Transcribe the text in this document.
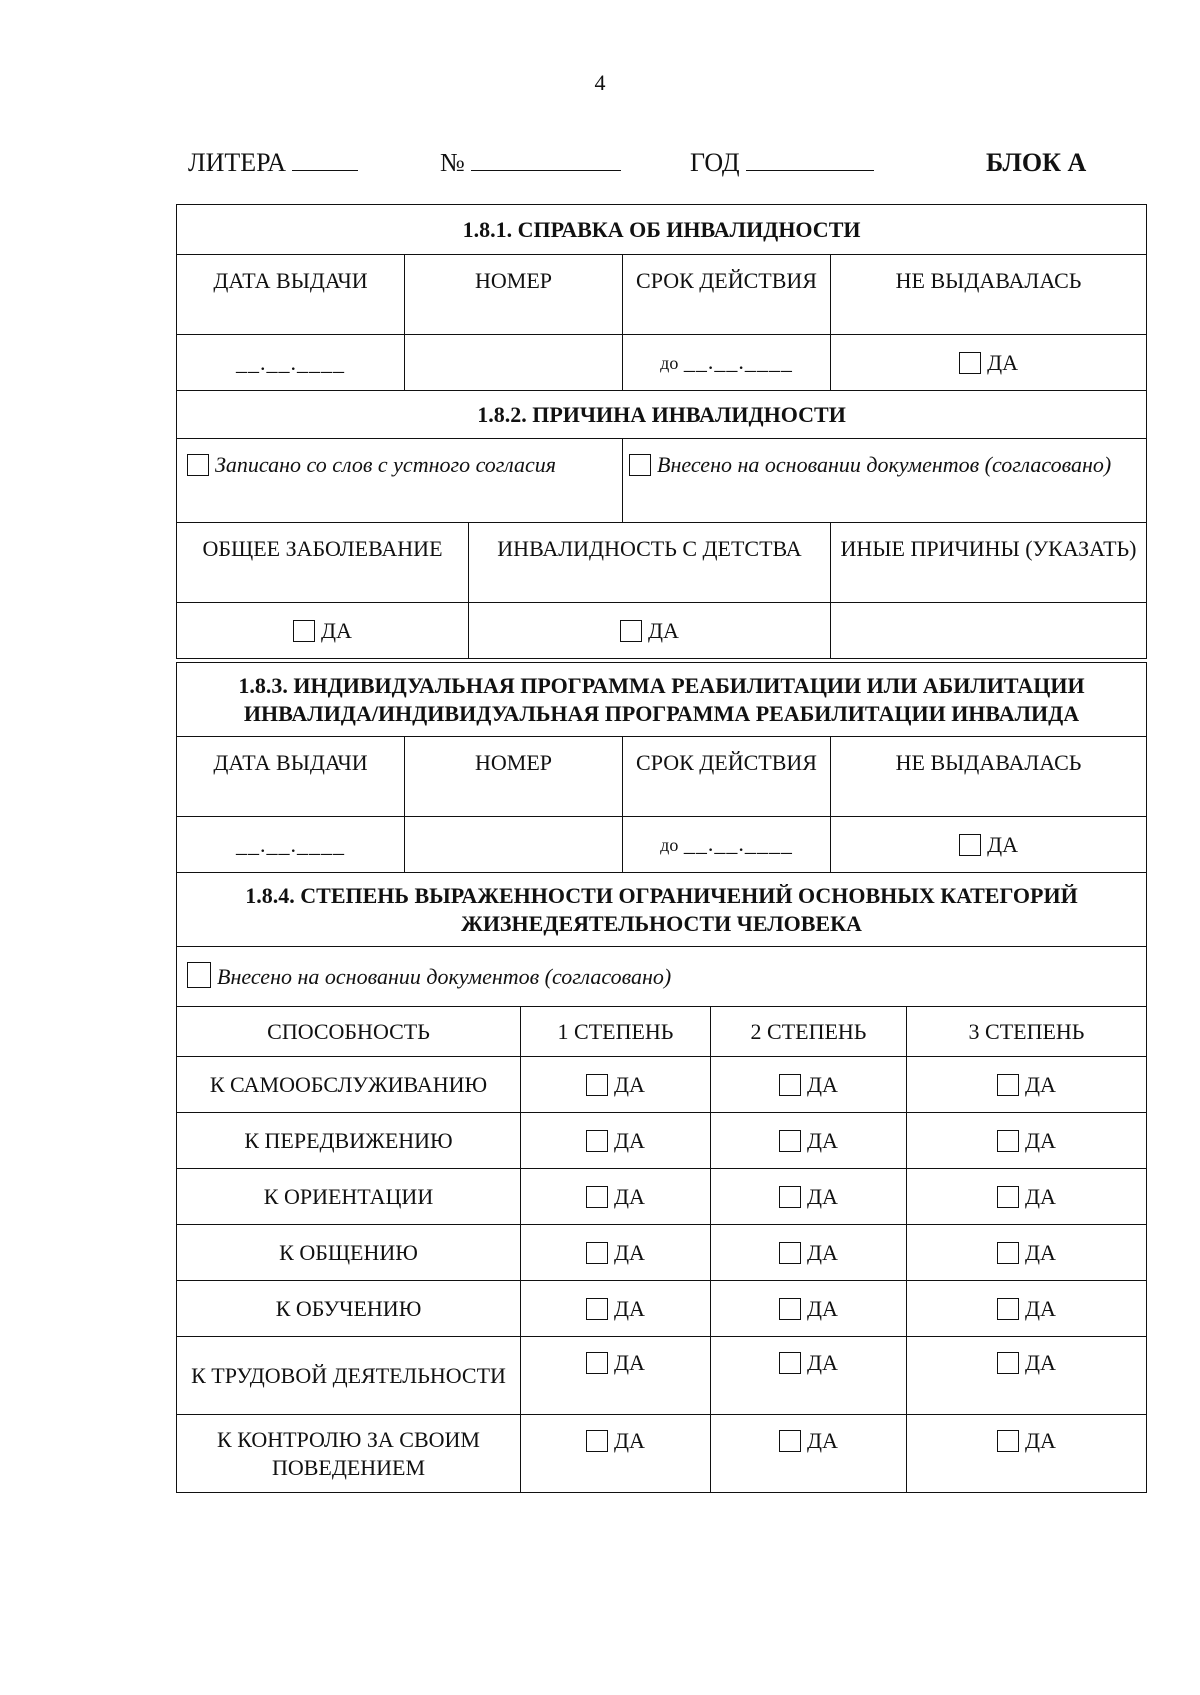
4
ЛИТЕРА	№	ГОД	БЛОК А
1.8.1. СПРАВКА ОБ ИНВАЛИДНОСТИ				
ДАТА ВЫДАЧИ	НОМЕР		СРОК ДЕЙСТВИЯ	НЕ ВЫДАВАЛАСЬ
__.__.____			до __.__.____	ДА
1.8.2. ПРИЧИНА ИНВАЛИДНОСТИ				
Записано со слов с устного согласия			Внесено на основании документов (согласовано)	
ОБЩЕЕ ЗАБОЛЕВАНИЕ		ИНВАЛИДНОСТЬ С ДЕТСТВА		ИНЫЕ ПРИЧИНЫ (УКАЗАТЬ)
ДА		ДА		
1.8.3. ИНДИВИДУАЛЬНАЯ ПРОГРАММА РЕАБИЛИТАЦИИ ИЛИ АБИЛИТАЦИИ
ИНВАЛИДА/ИНДИВИДУАЛЬНАЯ ПРОГРАММА РЕАБИЛИТАЦИИ ИНВАЛИДА			

ДАТА ВЫДАЧИ	НОМЕР	СРОК ДЕЙСТВИЯ	НЕ ВЫДАВАЛАСЬ
__.__.____		до __.__.____	ДА
1.8.4. СТЕПЕНЬ ВЫРАЖЕННОСТИ ОГРАНИЧЕНИЙ ОСНОВНЫХ КАТЕГОРИЙ
ЖИЗНЕДЕЯТЕЛЬНОСТИ ЧЕЛОВЕКА			

Внесено на основании документов (согласовано)			
СПОСОБНОСТЬ	1 СТЕПЕНЬ	2 СТЕПЕНЬ	3 СТЕПЕНЬ
К САМООБСЛУЖИВАНИЮ	ДА	ДА	ДА
К ПЕРЕДВИЖЕНИЮ	ДА	ДА	ДА
К ОРИЕНТАЦИИ	ДА	ДА	ДА
К ОБЩЕНИЮ	ДА	ДА	ДА
К ОБУЧЕНИЮ	ДА	ДА	ДА
К ТРУДОВОЙ ДЕЯТЕЛЬНОСТИ	ДА	ДА	ДА
К КОНТРОЛЮ ЗА СВОИМ ПОВЕДЕНИЕМ	ДА	ДА	ДА
